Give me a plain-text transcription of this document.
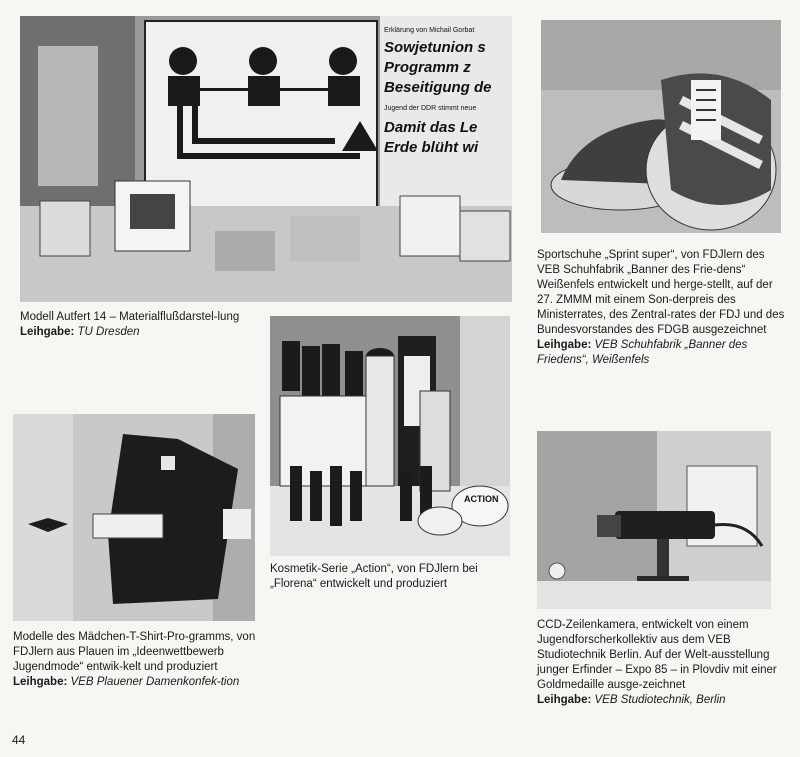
Erklärung von Michail Gorbat
Sowjetunion s
Programm z
Beseitigung de
Jugend der DDR stimmt neue
Damit das Le
Erde blüht wi

Modell Autfert 14 – Materialflußdarstel-lung

Leihgabe: TU Dresden

Sportschuhe „Sprint super“, von FDJlern des VEB Schuhfabrik „Banner des Frie-dens“ Weißenfels entwickelt und herge-stellt, auf der 27. ZMMM mit einem Son-derpreis des Ministerrates, des Zentral-rates der FDJ und des Bundesvorstandes des FDGB ausgezeichnet

Leihgabe: VEB Schuhfabrik „Banner des Friedens“, Weißenfels

ACTION

Kosmetik-Serie „Action“, von FDJlern bei „Florena“ entwickelt und produziert

Modelle des Mädchen-T-Shirt-Pro-gramms, von FDJlern aus Plauen im „Ideenwettbewerb Jugendmode“ entwik-kelt und produziert

Leihgabe: VEB Plauener Damenkonfek-tion

CCD-Zeilenkamera, entwickelt von einem Jugendforscherkollektiv aus dem VEB Studiotechnik Berlin. Auf der Welt-ausstellung junger Erfinder – Expo 85 – in Plovdiv mit einer Goldmedaille ausge-zeichnet

Leihgabe: VEB Studiotechnik, Berlin

44
